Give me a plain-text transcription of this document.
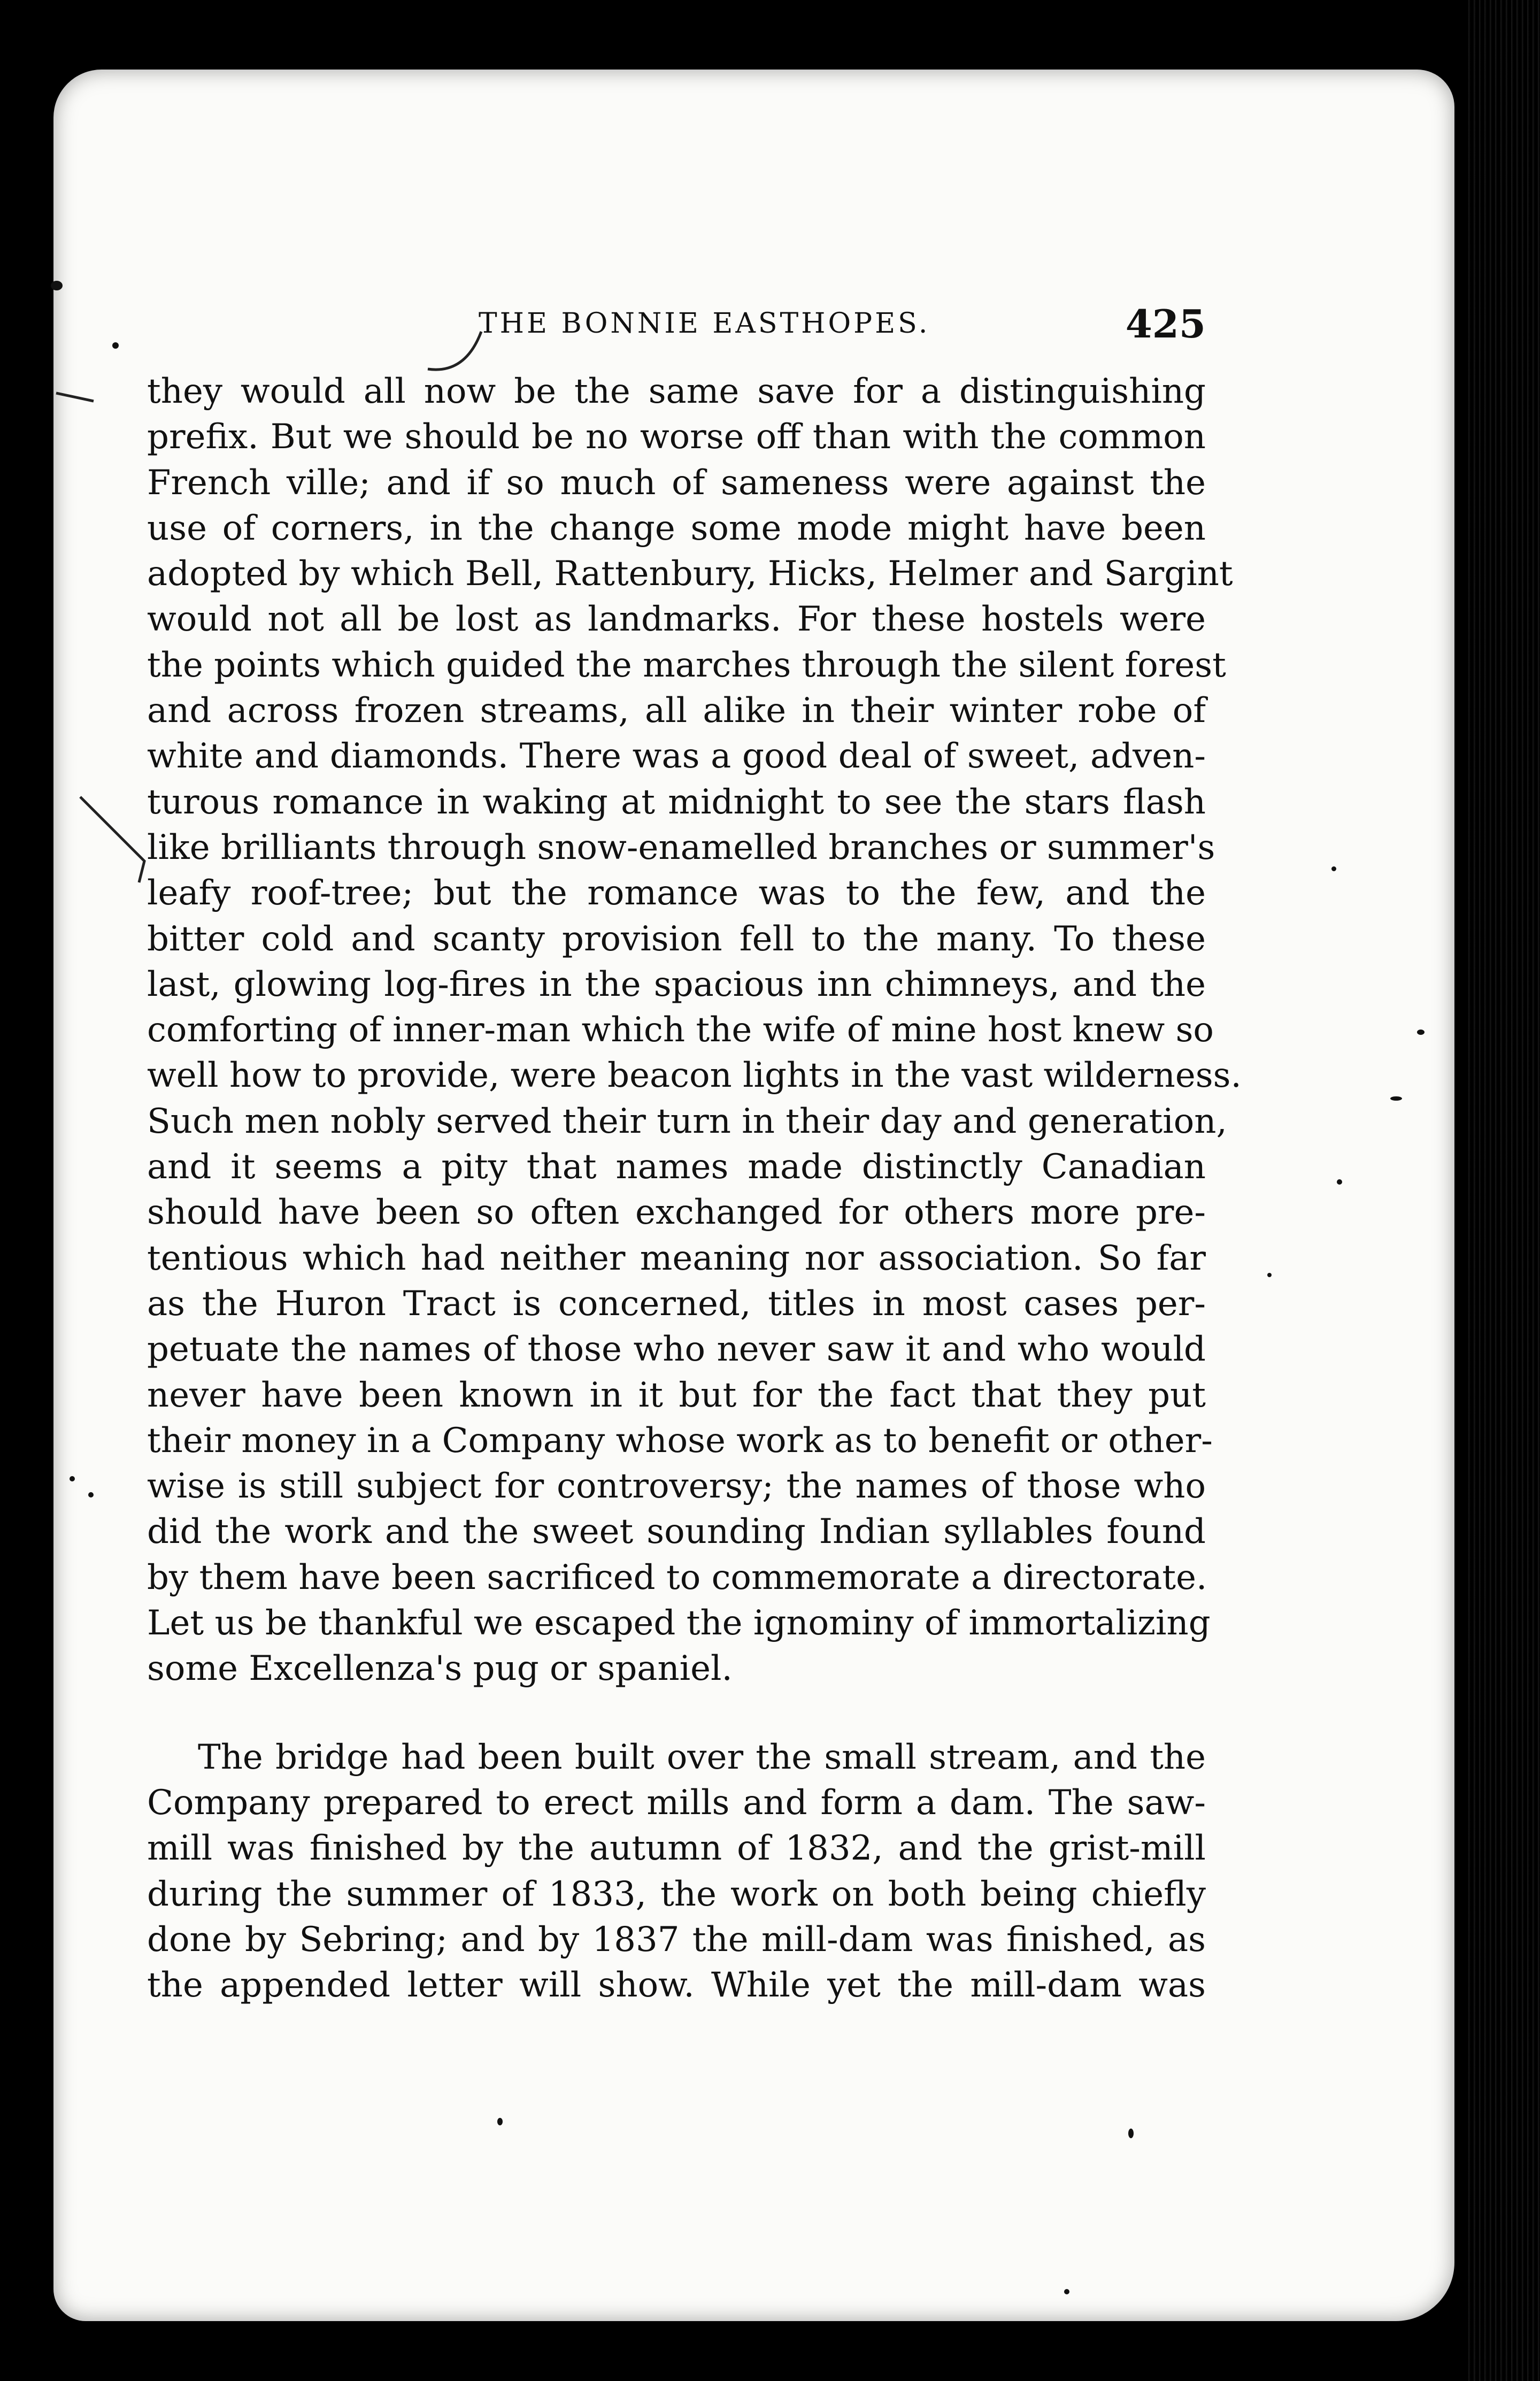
THE BONNIE EASTHOPES.	425
they would all now be the same save for a distinguishing
prefix. But we should be no worse off than with the common
French ville; and if so much of sameness were against the
use of corners, in the change some mode might have been
adopted by which Bell, Rattenbury, Hicks, Helmer and Sargint
would not all be lost as landmarks. For these hostels were
the points which guided the marches through the silent forest
and across frozen streams, all alike in their winter robe of
white and diamonds. There was a good deal of sweet, adven-
turous romance in waking at midnight to see the stars flash
like brilliants through snow-enamelled branches or summer's
leafy roof-tree; but the romance was to the few, and the
bitter cold and scanty provision fell to the many. To these
last, glowing log-fires in the spacious inn chimneys, and the
comforting of inner-man which the wife of mine host knew so
well how to provide, were beacon lights in the vast wilderness.
Such men nobly served their turn in their day and generation,
and it seems a pity that names made distinctly Canadian
should have been so often exchanged for others more pre-
tentious which had neither meaning nor association. So far
as the Huron Tract is concerned, titles in most cases per-
petuate the names of those who never saw it and who would
never have been known in it but for the fact that they put
their money in a Company whose work as to benefit or other-
wise is still subject for controversy; the names of those who
did the work and the sweet sounding Indian syllables found
by them have been sacrificed to commemorate a directorate.
Let us be thankful we escaped the ignominy of immortalizing
some Excellenza's pug or spaniel.
The bridge had been built over the small stream, and the
Company prepared to erect mills and form a dam. The saw-
mill was finished by the autumn of 1832, and the grist-mill
during the summer of 1833, the work on both being chiefly
done by Sebring; and by 1837 the mill-dam was finished, as
the appended letter will show. While yet the mill-dam was
